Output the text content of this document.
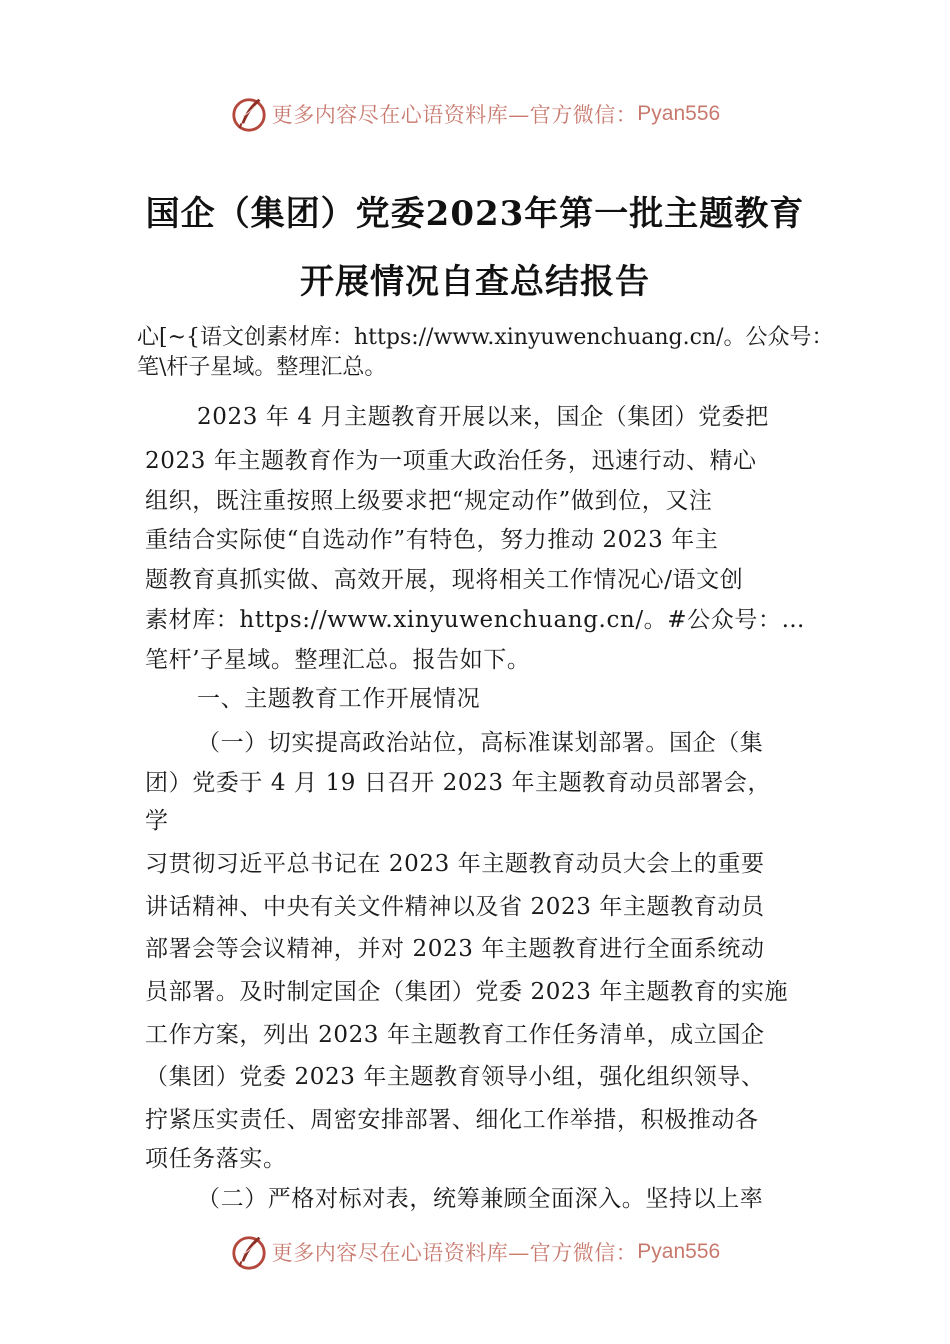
更多内容尽在心语资料库—官方微信： Pyan556
国企（集团）党委2023年第一批主题教育
开展情况自查总结报告
心[~{语文创素材库：https://www.xinyuwenchuang.cn/。公众号：笔\杆子星域。整理汇总。
2023 年 4 月主题教育开展以来，国企（集团）党委把
2023 年主题教育作为一项重大政治任务，迅速行动、精心
组织，既注重按照上级要求把“规定动作”做到位，又注
重结合实际使“自选动作”有特色，努力推动 2023 年主
题教育真抓实做、高效开展，现将相关工作情况心/语文创
素材库：https://www.xinyuwenchuang.cn/。#公众号：…
笔杆’子星域。整理汇总。报告如下。
一、主题教育工作开展情况
（一）切实提高政治站位，高标准谋划部署。国企（集
团）党委于 4 月 19 日召开 2023 年主题教育动员部署会，
学
习贯彻习近平总书记在 2023 年主题教育动员大会上的重要
讲话精神、中央有关文件精神以及省 2023 年主题教育动员
部署会等会议精神，并对 2023 年主题教育进行全面系统动
员部署。及时制定国企（集团）党委 2023 年主题教育的实施
工作方案，列出 2023 年主题教育工作任务清单，成立国企
（集团）党委 2023 年主题教育领导小组，强化组织领导、
拧紧压实责任、周密安排部署、细化工作举措，积极推动各
项任务落实。
（二）严格对标对表，统筹兼顾全面深入。坚持以上率
更多内容尽在心语资料库—官方微信： Pyan556
